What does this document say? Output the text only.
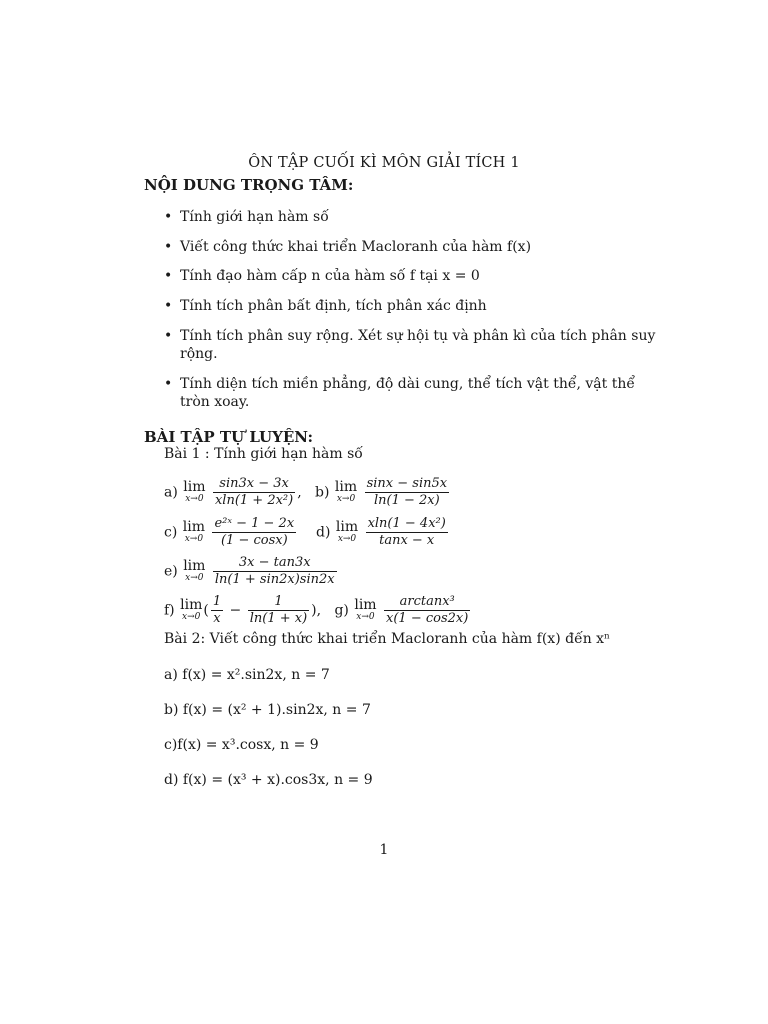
ÔN TẬP CUỐI KÌ MÔN GIẢI TÍCH 1
NỘI DUNG TRỌNG TÂM:
• Tính giới hạn hàm số
• Viết công thức khai triển Macloranh của hàm f(x)
• Tính đạo hàm cấp n của hàm số f tại x = 0
• Tính tích phân bất định, tích phân xác định
• Tính tích phân suy rộng. Xét sự hội tụ và phân kì của tích phân suy rộng.
• Tính diện tích miền phẳng, độ dài cung, thể tích vật thể, vật thể tròn xoay.
BÀI TẬP TỰ LUYỆN:
Bài 1 : Tính giới hạn hàm số
a) lim
x→0
$\frac{\sin 3x - 3x}{\text{xln(1 + 2x²)}}$ , b) lim
x→0
$\frac{\sin x - \sin 5x}{\ln(1 - 2x)}$
c) lim
x→0
$\frac{\text{e²ˣ − 1 − 2x}}{(1 - \cos x)} d$) lim
x→0
$\frac{\text{xln(1 − 4x²)}}{\tan x - x}$
e) lim
x→0
$\frac{3x - \tan 3x}{\ln(1 + \sin 2x)\sin 2x}$
f) lim
x→0 ( $\frac{1}{x} - \frac{1}{\ln(1 + x)}$ ), g) lim
x→0
$\frac{\text{arctanx³}}{x(1 - \cos 2x)}$
Bài 2: Viết công thức khai triển Macloranh của hàm f(x) đến xⁿ
a) f(x) = x².sin2x, n = 7
b) f(x) = (x² + 1).sin2x, n = 7
c)f(x) = x³.cosx, n = 9
d) f(x) = (x³ + x).cos3x, n = 9
1
